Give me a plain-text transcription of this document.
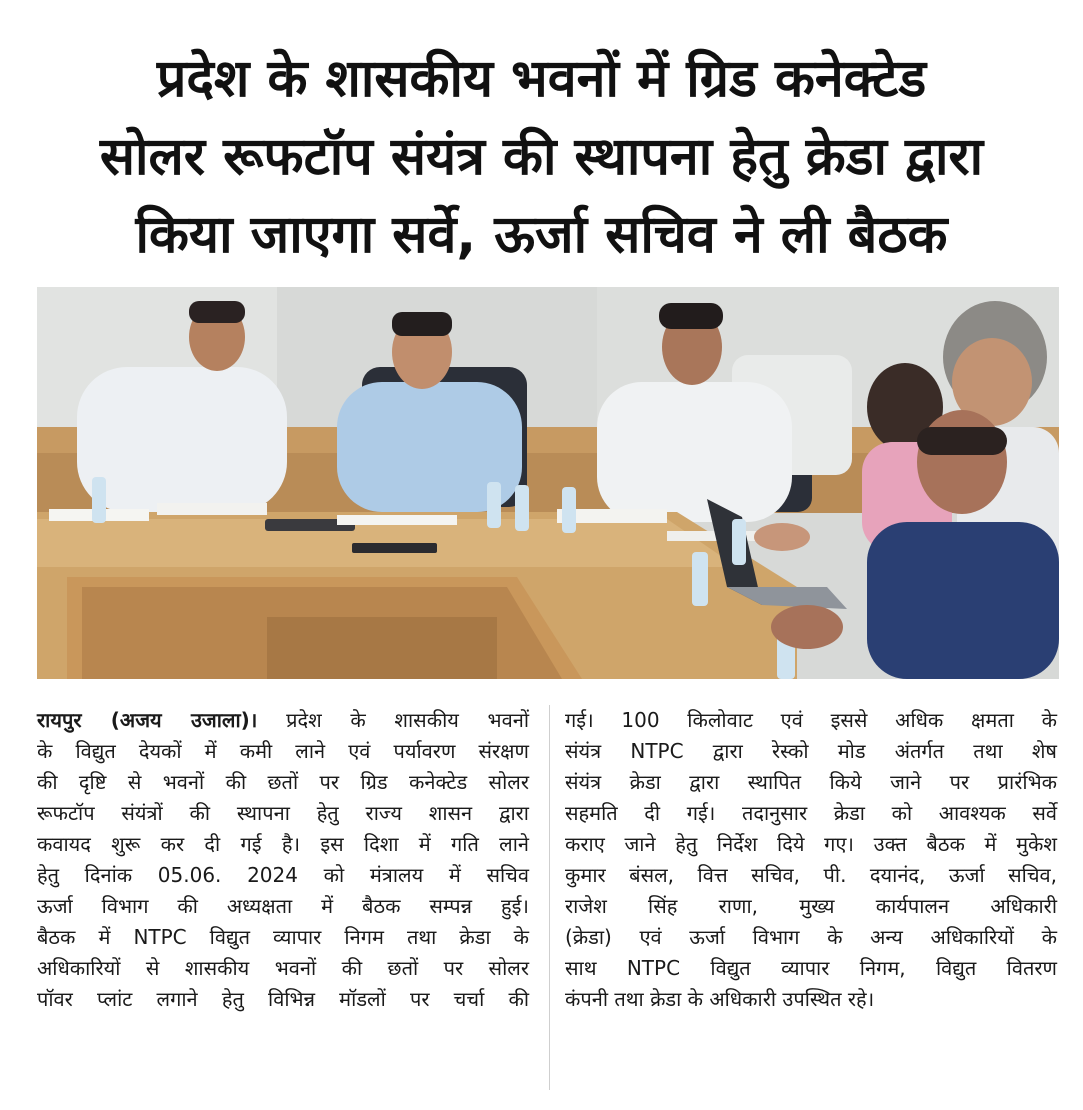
प्रदेश के शासकीय भवनों में ग्रिड कनेक्टेड
सोलर रूफटॉप संयंत्र की स्थापना हेतु क्रेडा द्वारा
किया जाएगा सर्वे, ऊर्जा सचिव ने ली बैठक
रायपुर (अजय उजाला)। प्रदेश के शासकीय भवनों
के विद्युत देयकों में कमी लाने एवं पर्यावरण संरक्षण
की दृष्टि से भवनों की छतों पर ग्रिड कनेक्टेड सोलर
रूफटॉप संयंत्रों की स्थापना हेतु राज्य शासन द्वारा
कवायद शुरू कर दी गई है। इस दिशा में गति लाने
हेतु दिनांक 05.06. 2024 को मंत्रालय में सचिव
ऊर्जा विभाग की अध्यक्षता में बैठक सम्पन्न हुई।
बैठक में NTPC विद्युत व्यापार निगम तथा क्रेडा के
अधिकारियों से शासकीय भवनों की छतों पर सोलर
पॉवर प्लांट लगाने हेतु विभिन्न मॉडलों पर चर्चा की
गई। 100 किलोवाट एवं इससे अधिक क्षमता के
संयंत्र NTPC द्वारा रेस्को मोड अंतर्गत तथा शेष
संयंत्र क्रेडा द्वारा स्थापित किये जाने पर प्रारंभिक
सहमति दी गई। तदानुसार क्रेडा को आवश्यक सर्वे
कराए जाने हेतु निर्देश दिये गए। उक्त बैठक में मुकेश
कुमार बंसल, वित्त सचिव, पी. दयानंद, ऊर्जा सचिव,
राजेश सिंह राणा, मुख्य कार्यपालन अधिकारी
(क्रेडा) एवं ऊर्जा विभाग के अन्य अधिकारियों के
साथ NTPC विद्युत व्यापार निगम, विद्युत वितरण
कंपनी तथा क्रेडा के अधिकारी उपस्थित रहे।
